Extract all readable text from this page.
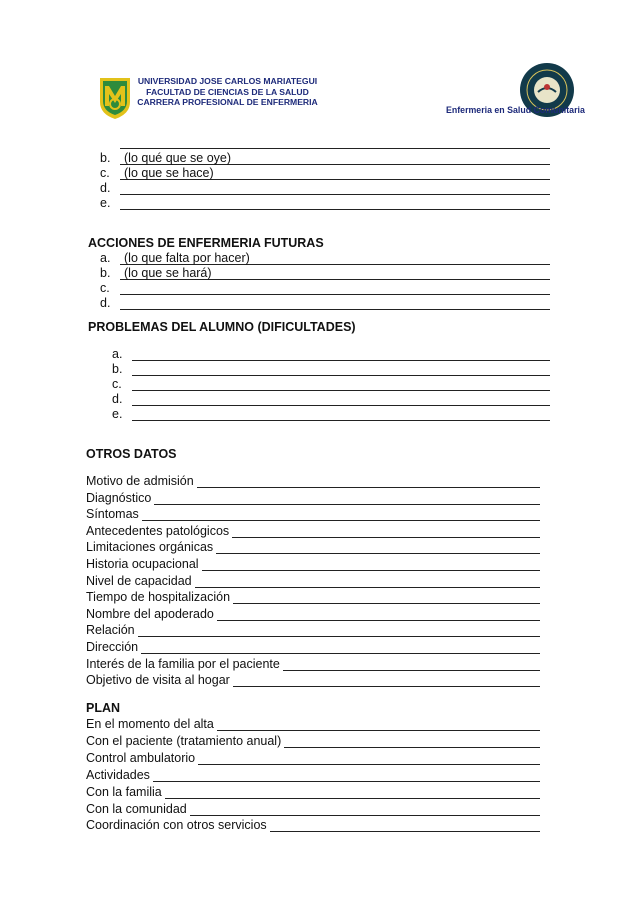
UNIVERSIDAD JOSE CARLOS MARIATEGUI
FACULTAD DE CIENCIAS DE LA SALUD
CARRERA PROFESIONAL DE ENFERMERIA
Enfermeria en Salud Comunitaria
b.	(lo qué que se oye)
c.	(lo que se hace)
d.
e.
ACCIONES DE ENFERMERIA FUTURAS
a.	(lo que falta por hacer)
b.	(lo que se hará)
c.
d.
PROBLEMAS DEL ALUMNO (DIFICULTADES)
a.
b.
c.
d.
e.
OTROS DATOS
Motivo de admisión
Diagnóstico
Síntomas
Antecedentes patológicos
Limitaciones orgánicas
Historia ocupacional
Nivel de capacidad
Tiempo de hospitalización
Nombre del apoderado
Relación
Dirección
Interés de la familia por el paciente
Objetivo de visita al hogar
PLAN
En el momento del alta
Con el paciente (tratamiento anual)
Control ambulatorio
Actividades
Con la familia
Con la comunidad
Coordinación con otros servicios
